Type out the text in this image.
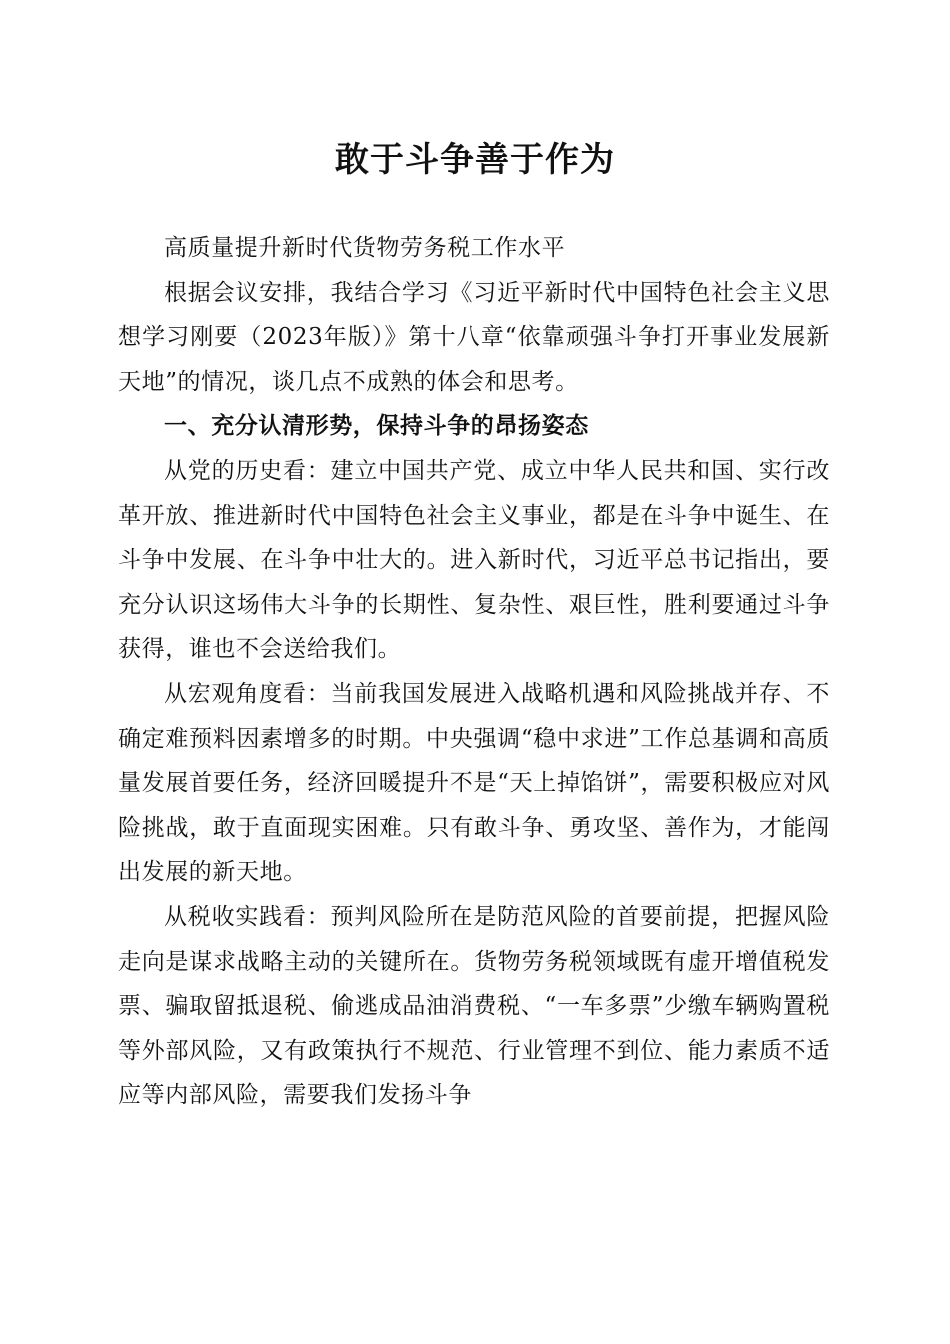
敢于斗争善于作为

高质量提升新时代货物劳务税工作水平

根据会议安排，我结合学习《习近平新时代中国特色社会主义思想学习刚要（2023年版）》第十八章“依靠顽强斗争打开事业发展新天地”的情况，谈几点不成熟的体会和思考。

一、充分认清形势，保持斗争的昂扬姿态

从党的历史看：建立中国共产党、成立中华人民共和国、实行改革开放、推进新时代中国特色社会主义事业，都是在斗争中诞生、在斗争中发展、在斗争中壮大的。进入新时代，习近平总书记指出，要充分认识这场伟大斗争的长期性、复杂性、艰巨性，胜利要通过斗争获得，谁也不会送给我们。

从宏观角度看：当前我国发展进入战略机遇和风险挑战并存、不确定难预料因素增多的时期。中央强调“稳中求进”工作总基调和高质量发展首要任务，经济回暖提升不是“天上掉馅饼”，需要积极应对风险挑战，敢于直面现实困难。只有敢斗争、勇攻坚、善作为，才能闯出发展的新天地。

从税收实践看：预判风险所在是防范风险的首要前提，把握风险走向是谋求战略主动的关键所在。货物劳务税领域既有虚开增值税发票、骗取留抵退税、偷逃成品油消费税、“一车多票”少缴车辆购置税等外部风险，又有政策执行不规范、行业管理不到位、能力素质不适应等内部风险，需要我们发扬斗争
